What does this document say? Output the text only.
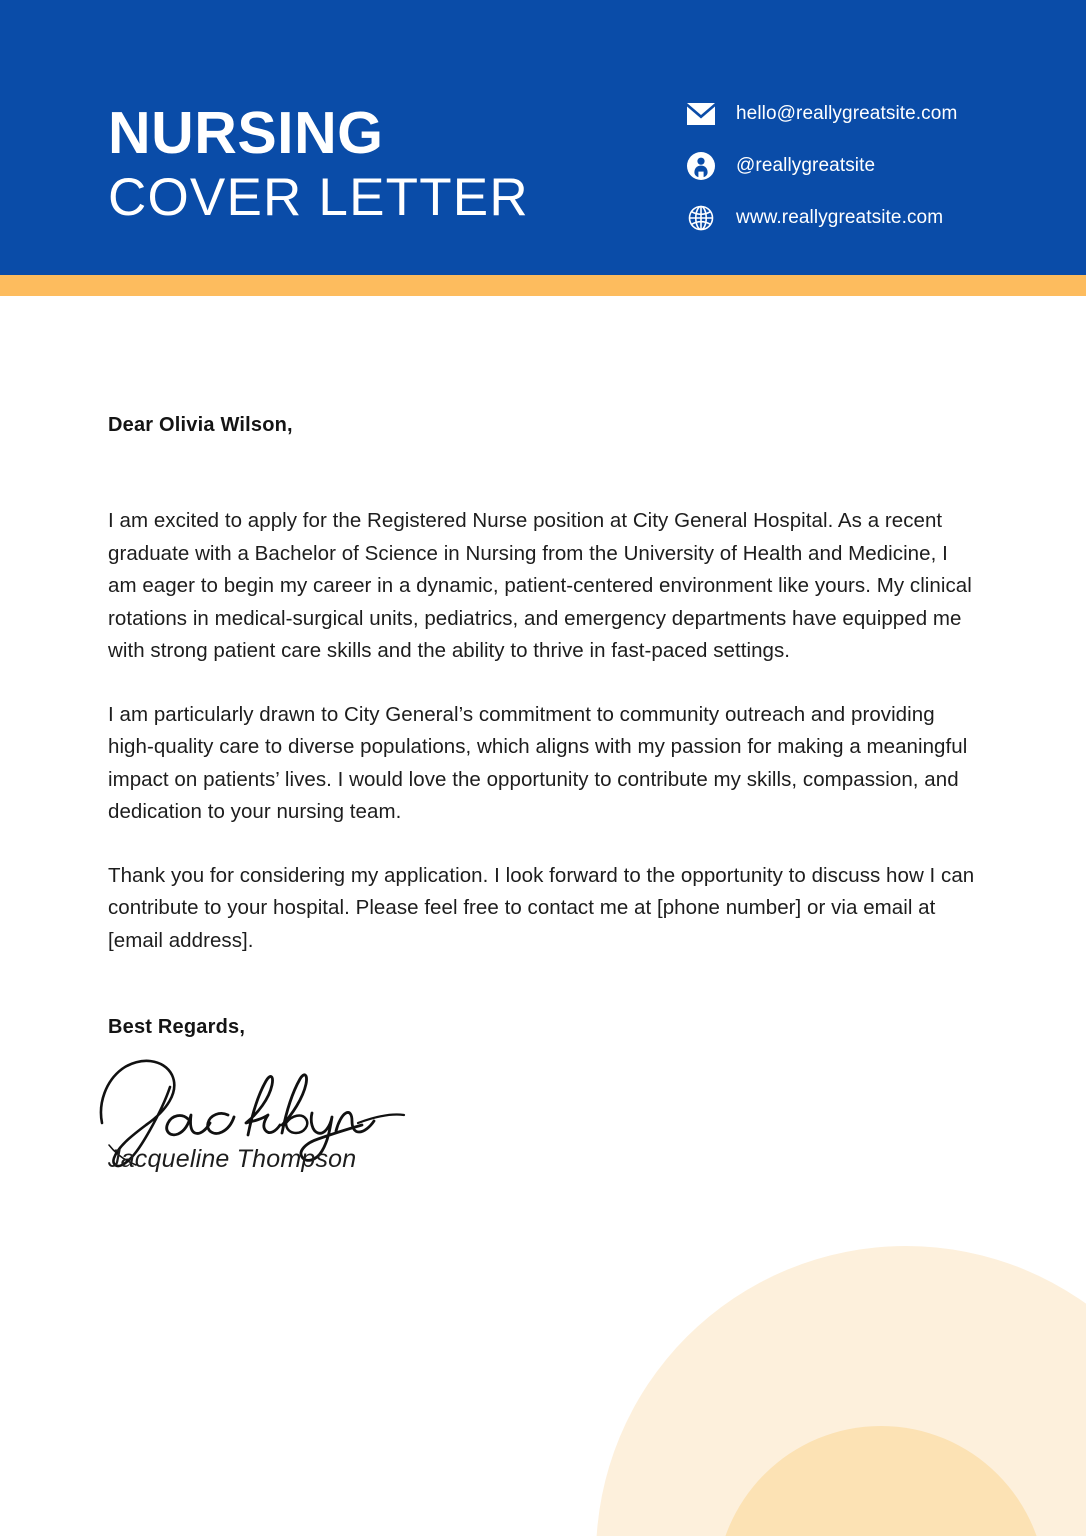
NURSING
COVER LETTER
hello@reallygreatsite.com
@reallygreatsite
www.reallygreatsite.com
Dear Olivia Wilson,

I am excited to apply for the Registered Nurse position at City General Hospital. As a recent graduate with a Bachelor of Science in Nursing from the University of Health and Medicine, I am eager to begin my career in a dynamic, patient-centered environment like yours. My clinical rotations in medical-surgical units, pediatrics, and emergency departments have equipped me with strong patient care skills and the ability to thrive in fast-paced settings.

I am particularly drawn to City General’s commitment to community outreach and providing high-quality care to diverse populations, which aligns with my passion for making a meaningful impact on patients’ lives. I would love the opportunity to contribute my skills, compassion, and dedication to your nursing team.

Thank you for considering my application. I look forward to the opportunity to discuss how I can contribute to your hospital. Please feel free to contact me at [phone number] or via email at [email address].

Best Regards,
Jacqueline Thompson
